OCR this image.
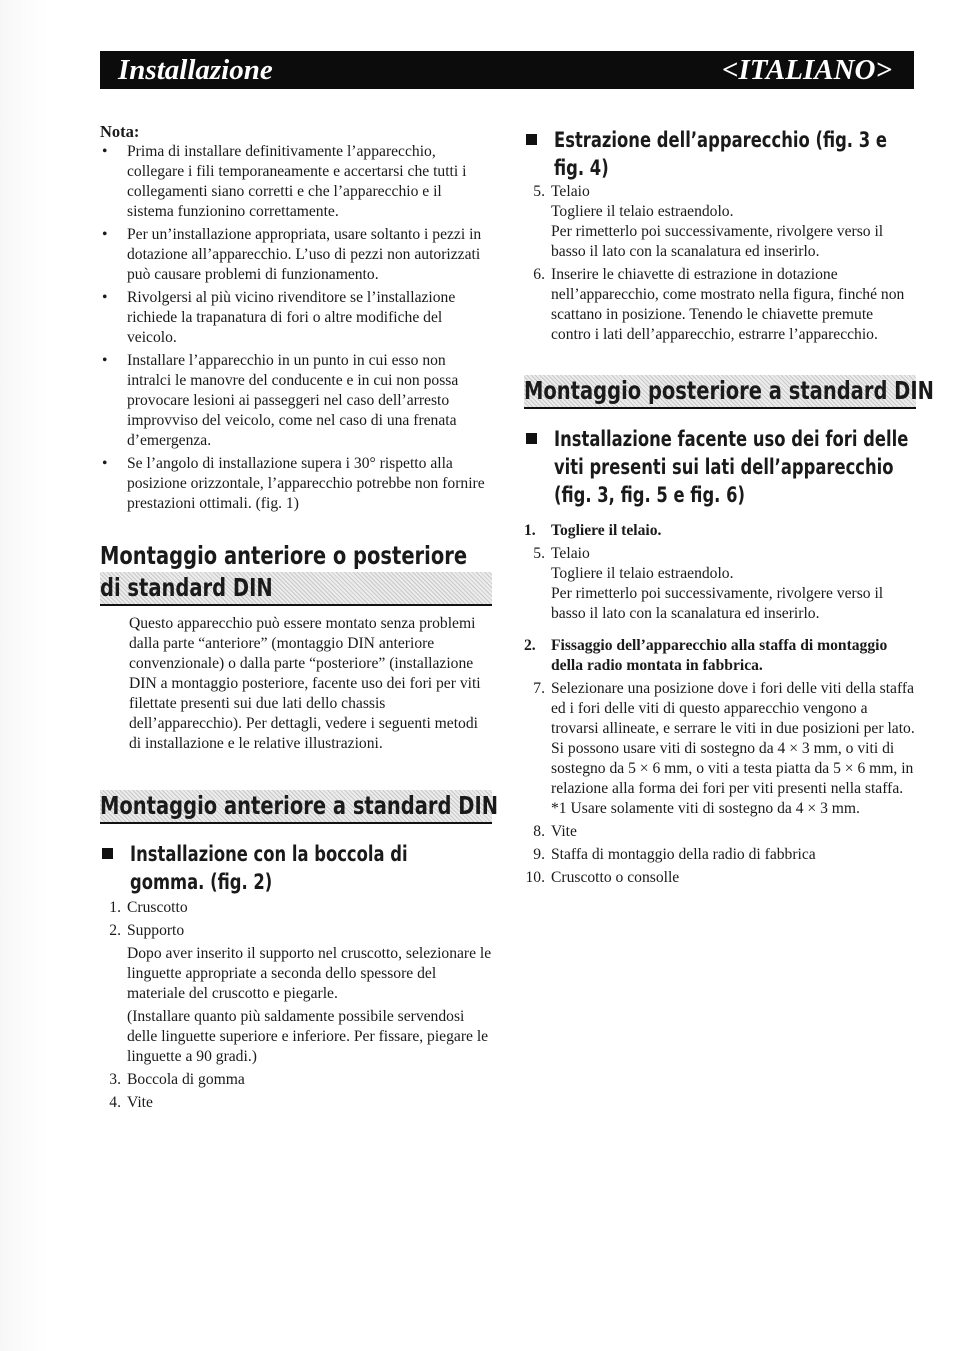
Installazione	<ITALIANO>
Nota:
• Prima di installare definitivamente l’apparecchio, collegare i fili temporaneamente e accertarsi che tutti i collegamenti siano corretti e che l’apparecchio e il sistema funzionino correttamente.
• Per un’installazione appropriata, usare soltanto i pezzi in dotazione all’apparecchio. L’uso di pezzi non autorizzati può causare problemi di funzionamento.
• Rivolgersi al più vicino rivenditore se l’installazione richiede la trapanatura di fori o altre modifiche del veicolo.
• Installare l’apparecchio in un punto in cui esso non intralci le manovre del conducente e in cui non possa provocare lesioni ai passeggeri nel caso dell’arresto improvviso del veicolo, come nel caso di una frenata d’emergenza.
• Se l’angolo di installazione supera i 30° rispetto alla posizione orizzontale, l’apparecchio potrebbe non fornire prestazioni ottimali. (fig. 1)
Montaggio anteriore o posteriore
di standard DIN
Questo apparecchio può essere montato senza problemi dalla parte “anteriore” (montaggio DIN anteriore convenzionale) o dalla parte “posteriore” (installazione DIN a montaggio posteriore, facente uso dei fori per viti filettate presenti sui due lati dello chassis dell’apparecchio). Per dettagli, vedere i seguenti metodi di installazione e le relative illustrazioni.
Montaggio anteriore a standard DIN
Installazione con la boccola di
gomma. (fig. 2)
1. Cruscotto
2. Supporto
Dopo aver inserito il supporto nel cruscotto, selezionare le linguette appropriate a seconda dello spessore del materiale del cruscotto e piegarle.
(Installare quanto più saldamente possibile servendosi delle linguette superiore e inferiore. Per fissare, piegare le linguette a 90 gradi.)
3. Boccola di gomma
4. Vite
Estrazione dell’apparecchio (fig. 3 e
fig. 4)
5. Telaio
Togliere il telaio estraendolo.
Per rimetterlo poi successivamente, rivolgere verso il basso il lato con la scanalatura ed inserirlo.
6. Inserire le chiavette di estrazione in dotazione nell’apparecchio, come mostrato nella figura, finché non scattano in posizione. Tenendo le chiavette premute contro i lati dell’apparecchio, estrarre l’apparecchio.
Montaggio posteriore a standard DIN
Installazione facente uso dei fori delle
viti presenti sui lati dell’apparecchio
(fig. 3, fig. 5 e fig. 6)
1. Togliere il telaio.
5. Telaio
Togliere il telaio estraendolo.
Per rimetterlo poi successivamente, rivolgere verso il basso il lato con la scanalatura ed inserirlo.
2. Fissaggio dell’apparecchio alla staffa di montaggio della radio montata in fabbrica.
7. Selezionare una posizione dove i fori delle viti della staffa ed i fori delle viti di questo apparecchio vengono a trovarsi allineate, e serrare le viti in due posizioni per lato. Si possono usare viti di sostegno da 4 × 3 mm, o viti di sostegno da 5 × 6 mm, o viti a testa piatta da 5 × 6 mm, in relazione alla forma dei fori per viti presenti nella staffa.
*1 Usare solamente viti di sostegno da 4 × 3 mm.
8. Vite
9. Staffa di montaggio della radio di fabbrica
10. Cruscotto o consolle
